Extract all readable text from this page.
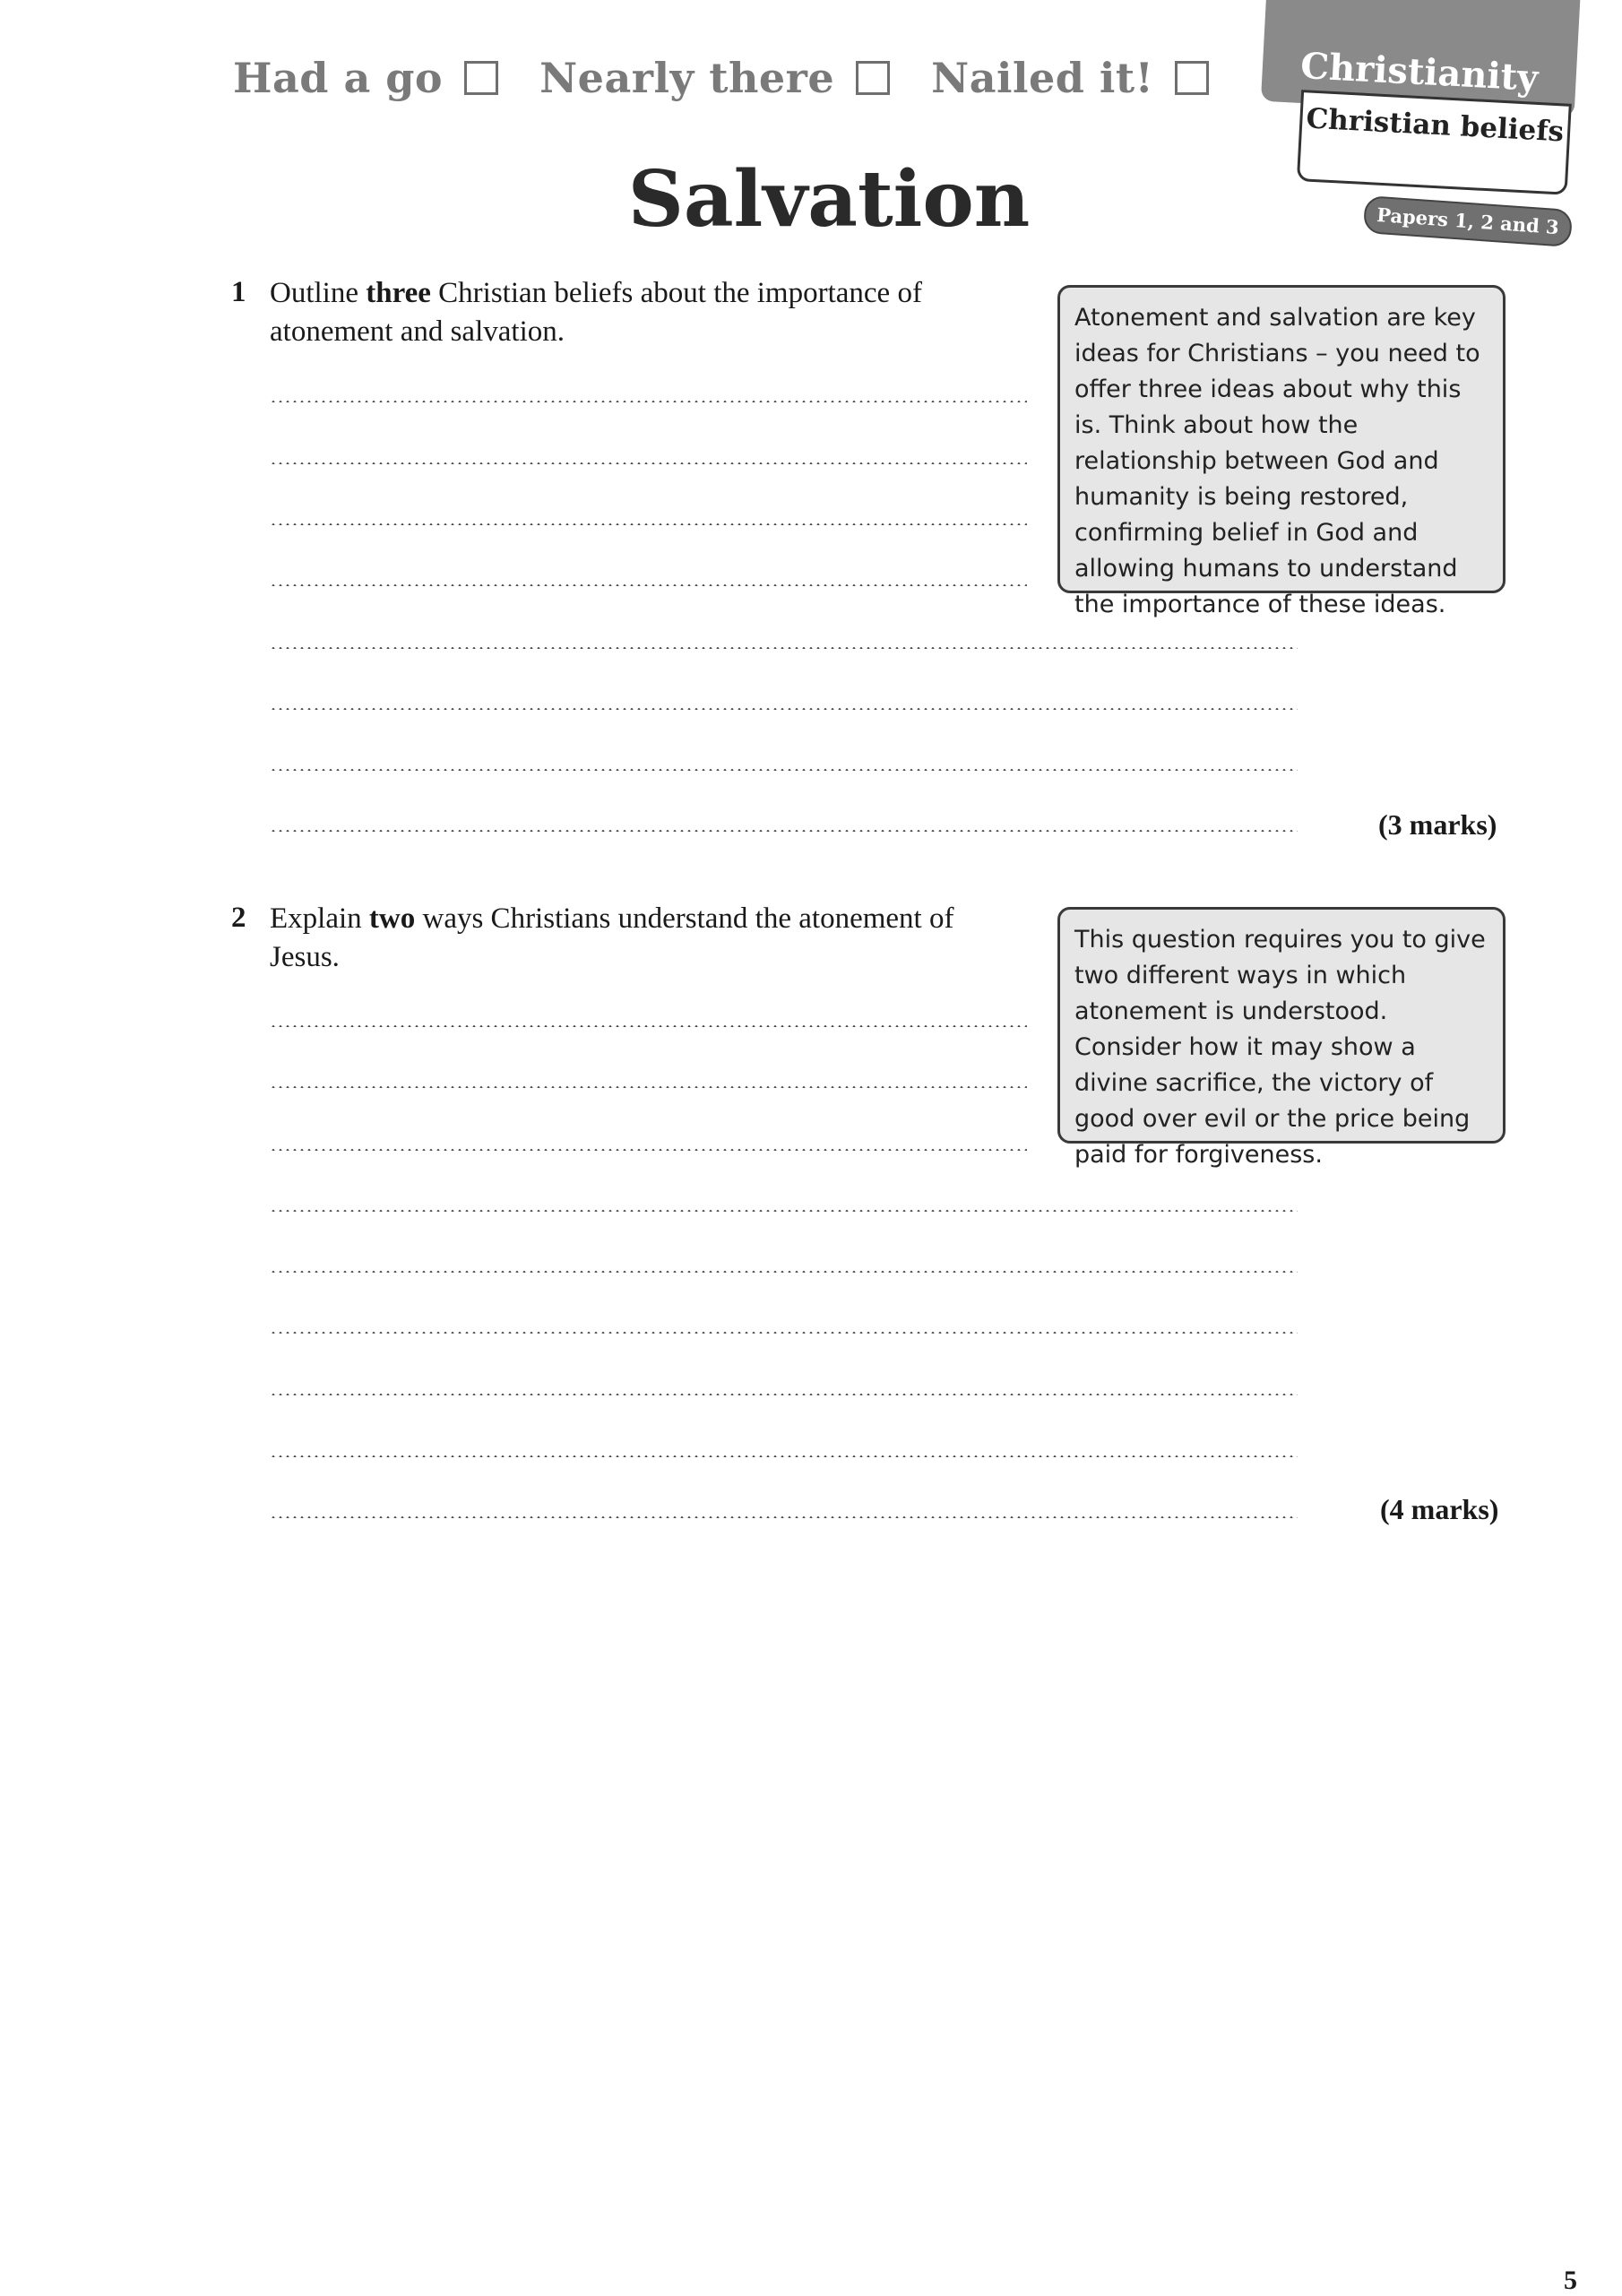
Had a go Nearly there Nailed it!	Christianity
Christian beliefs
Papers 1, 2 and 3
Salvation
1 Outline three Christian beliefs about the importance of atonement and salvation.	Atonement and salvation are key ideas for Christians – you need to offer three ideas about why this is. Think about how the relationship between God and humanity is being restored, confirming belief in God and allowing humans to understand the importance of these ideas.
(3 marks)
2 Explain two ways Christians understand the atonement of Jesus.
This question requires you to give two different ways in which atonement is understood. Consider how it may show a divine sacrifice, the victory of good over evil or the price being paid for forgiveness.
(4 marks)
5
